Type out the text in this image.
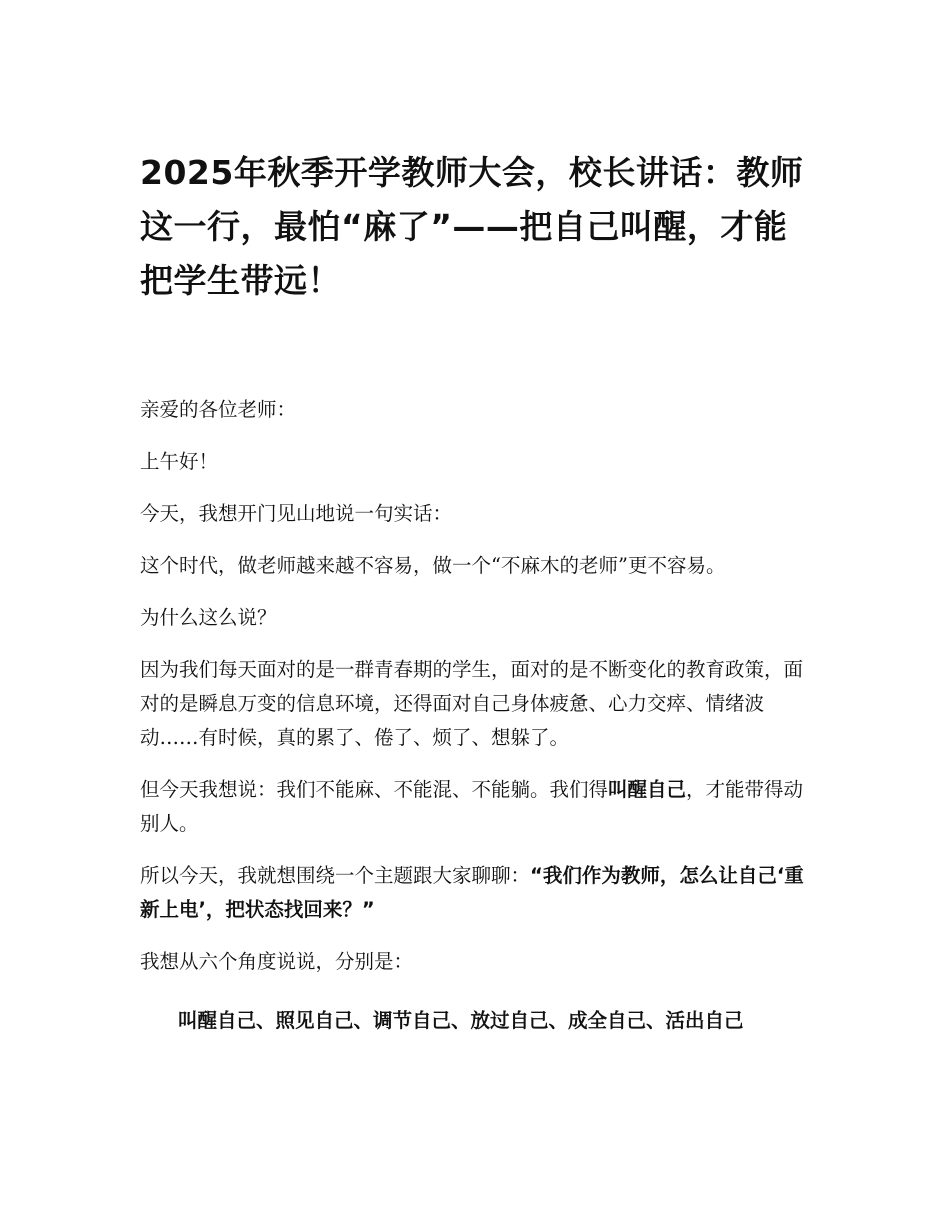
2025年秋季开学教师大会，校长讲话：教师这一行，最怕“麻了”——把自己叫醒，才能把学生带远！

亲爱的各位老师：

上午好！

今天，我想开门见山地说一句实话：

这个时代，做老师越来越不容易，做一个“不麻木的老师”更不容易。

为什么这么说？

因为我们每天面对的是一群青春期的学生，面对的是不断变化的教育政策，面对的是瞬息万变的信息环境，还得面对自己身体疲惫、心力交瘁、情绪波动……有时候，真的累了、倦了、烦了、想躲了。

但今天我想说：我们不能麻、不能混、不能躺。我们得叫醒自己，才能带得动别人。

所以今天，我就想围绕一个主题跟大家聊聊：“我们作为教师，怎么让自己‘重新上电’，把状态找回来？”

我想从六个角度说说，分别是：

叫醒自己、照见自己、调节自己、放过自己、成全自己、活出自己
